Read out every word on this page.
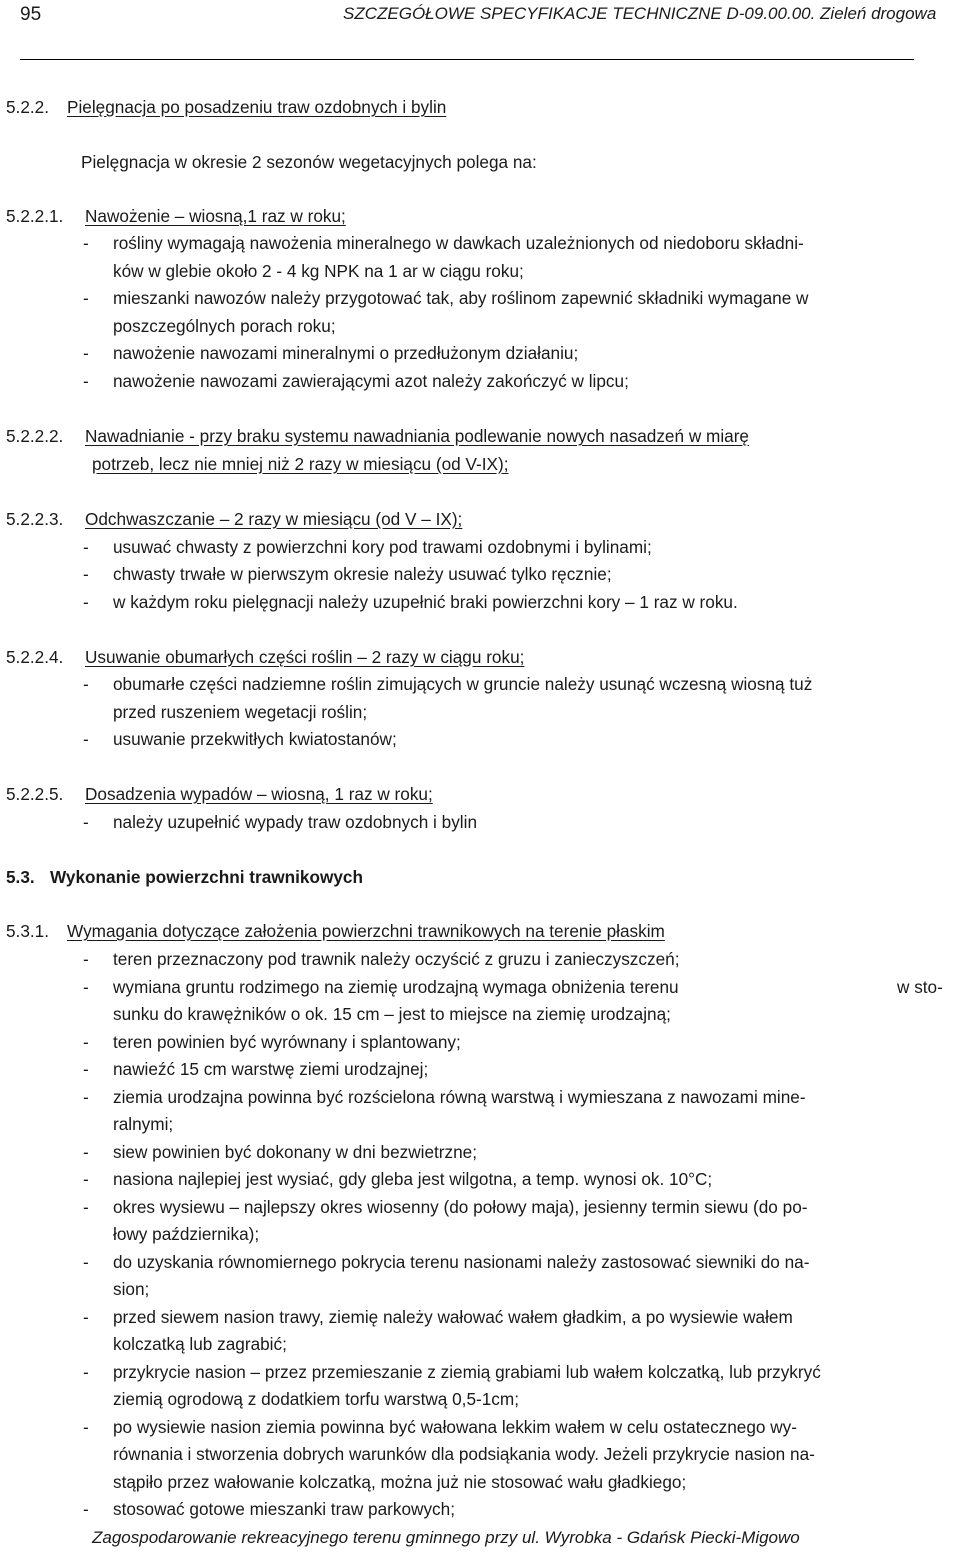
95	SZCZEGÓŁOWE SPECYFIKACJE TECHNICZNE D-09.00.00. Zieleń drogowa
5.2.2. Pielęgnacja po posadzeniu traw ozdobnych i bylin
Pielęgnacja w okresie 2 sezonów wegetacyjnych polega na:
5.2.2.1. Nawożenie – wiosną,1 raz w roku;
- rośliny wymagają nawożenia mineralnego w dawkach uzależnionych od niedoboru składni-
ków w glebie około 2 - 4 kg NPK na 1 ar w ciągu roku;
- mieszanki nawozów należy przygotować tak, aby roślinom zapewnić składniki wymagane w
poszczególnych porach roku;
- nawożenie nawozami mineralnymi o przedłużonym działaniu;
- nawożenie nawozami zawierającymi azot należy zakończyć w lipcu;
5.2.2.2. Nawadnianie - przy braku systemu nawadniania podlewanie nowych nasadzeń w miarę
potrzeb, lecz nie mniej niż 2 razy w miesiącu (od V-IX);
5.2.2.3. Odchwaszczanie – 2 razy w miesiącu (od V – IX);
- usuwać chwasty z powierzchni kory pod trawami ozdobnymi i bylinami;
- chwasty trwałe w pierwszym okresie należy usuwać tylko ręcznie;
- w każdym roku pielęgnacji należy uzupełnić braki powierzchni kory – 1 raz w roku.
5.2.2.4. Usuwanie obumarłych części roślin – 2 razy w ciągu roku;
- obumarłe części nadziemne roślin zimujących w gruncie należy usunąć wczesną wiosną tuż
przed ruszeniem wegetacji roślin;
- usuwanie przekwitłych kwiatostanów;
5.2.2.5. Dosadzenia wypadów – wiosną, 1 raz w roku;
- należy uzupełnić wypady traw ozdobnych i bylin
5.3. Wykonanie powierzchni trawnikowych
5.3.1. Wymagania dotyczące założenia powierzchni trawnikowych na terenie płaskim
- teren przeznaczony pod trawnik należy oczyścić z gruzu i zanieczyszczeń;
- wymiana gruntu rodzimego na ziemię urodzajną wymaga obniżenia terenu	w sto-
sunku do krawężników o ok. 15 cm – jest to miejsce na ziemię urodzajną;
- teren powinien być wyrównany i splantowany;
- nawieźć 15 cm warstwę ziemi urodzajnej;
- ziemia urodzajna powinna być rozścielona równą warstwą i wymieszana z nawozami mine-
ralnymi;
- siew powinien być dokonany w dni bezwietrzne;
- nasiona najlepiej jest wysiać, gdy gleba jest wilgotna, a temp. wynosi ok. 10°C;
- okres wysiewu – najlepszy okres wiosenny (do połowy maja), jesienny termin siewu (do po-
łowy października);
- do uzyskania równomiernego pokrycia terenu nasionami należy zastosować siewniki do na-
sion;
- przed siewem nasion trawy, ziemię należy wałować wałem gładkim, a po wysiewie wałem
kolczatką lub zagrabić;
- przykrycie nasion – przez przemieszanie z ziemią grabiami lub wałem kolczatką, lub przykryć
ziemią ogrodową z dodatkiem torfu warstwą 0,5-1cm;
- po wysiewie nasion ziemia powinna być wałowana lekkim wałem w celu ostatecznego wy-
równania i stworzenia dobrych warunków dla podsiąkania wody. Jeżeli przykrycie nasion na-
stąpiło przez wałowanie kolczatką, można już nie stosować wału gładkiego;
- stosować gotowe mieszanki traw parkowych;
Zagospodarowanie rekreacyjnego terenu gminnego przy ul. Wyrobka - Gdańsk Piecki-Migowo
